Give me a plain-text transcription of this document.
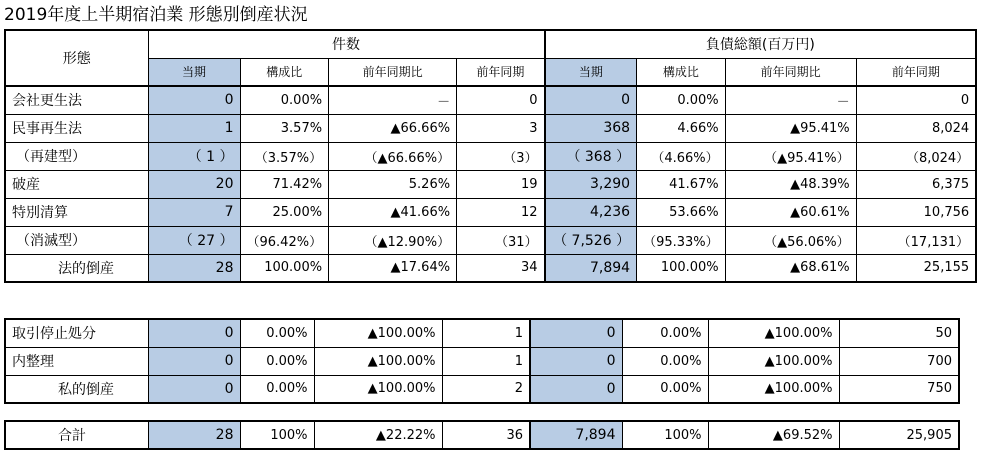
2019年度上半期宿泊業 形態別倒産状況
形態	件数				負債総額(百万円)			
	当期	構成比	前年同期比	前年同期	当期	構成比	前年同期比	前年同期
会社更生法	0	0.00%	－	0	0	0.00%	－	0
民事再生法	1	3.57%	▲66.66%	3	368	4.66%	▲95.41%	8,024
（再建型）	（ 1 ）	（3.57%）	（▲66.66%）	（3）	（ 368 ）	（4.66%）	（▲95.41%）	（8,024）
破産	20	71.42%	5.26%	19	3,290	41.67%	▲48.39%	6,375
特別清算	7	25.00%	▲41.66%	12	4,236	53.66%	▲60.61%	10,756
（消滅型）	（ 27 ）	（96.42%）	（▲12.90%）	（31）	（ 7,526 ）	（95.33%）	（▲56.06%）	（17,131）
法的倒産	28	100.00%	▲17.64%	34	7,894	100.00%	▲68.61%	25,155
取引停止処分	0	0.00%	▲100.00%	1	0	0.00%	▲100.00%	50
内整理	0	0.00%	▲100.00%	1	0	0.00%	▲100.00%	700
私的倒産	0	0.00%	▲100.00%	2	0	0.00%	▲100.00%	750
合計	28	100%	▲22.22%	36	7,894	100%	▲69.52%	25,905
